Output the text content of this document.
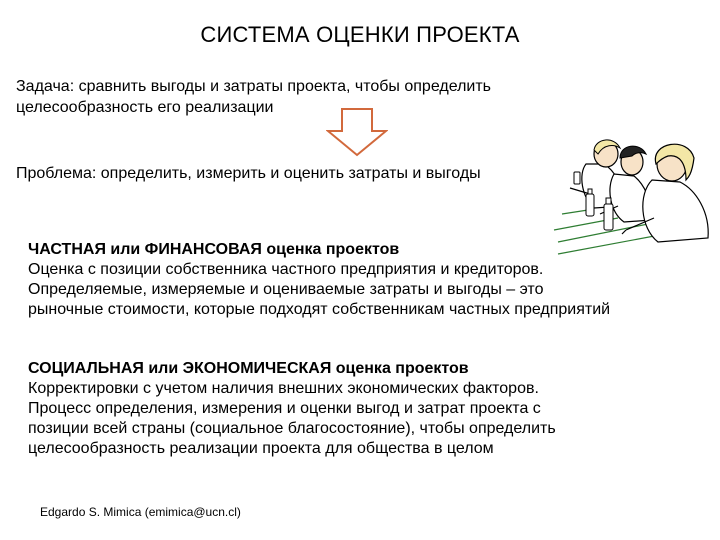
СИСТЕМА ОЦЕНКИ ПРОЕКТА
Задача: сравнить выгоды и затраты проекта, чтобы определить целесообразность его реализации
Проблема: определить, измерить и оценить затраты и выгоды

ЧАСТНАЯ или ФИНАНСОВАЯ оценка проектов

Оценка с позиции собственника частного предприятия и кредиторов.

Определяемые, измеряемые и оцениваемые затраты и выгоды – это

рыночные стоимости, которые подходят собственникам частных предприятий

СОЦИАЛЬНАЯ или ЭКОНОМИЧЕСКАЯ оценка проектов

Корректировки с учетом наличия внешних экономических факторов.

Процесс определения, измерения и оценки выгод и затрат проекта с

позиции всей страны (социальное благосостояние), чтобы определить

целесообразность реализации проекта для общества в целом

Edgardo S. Mimica (emimica@ucn.cl)
